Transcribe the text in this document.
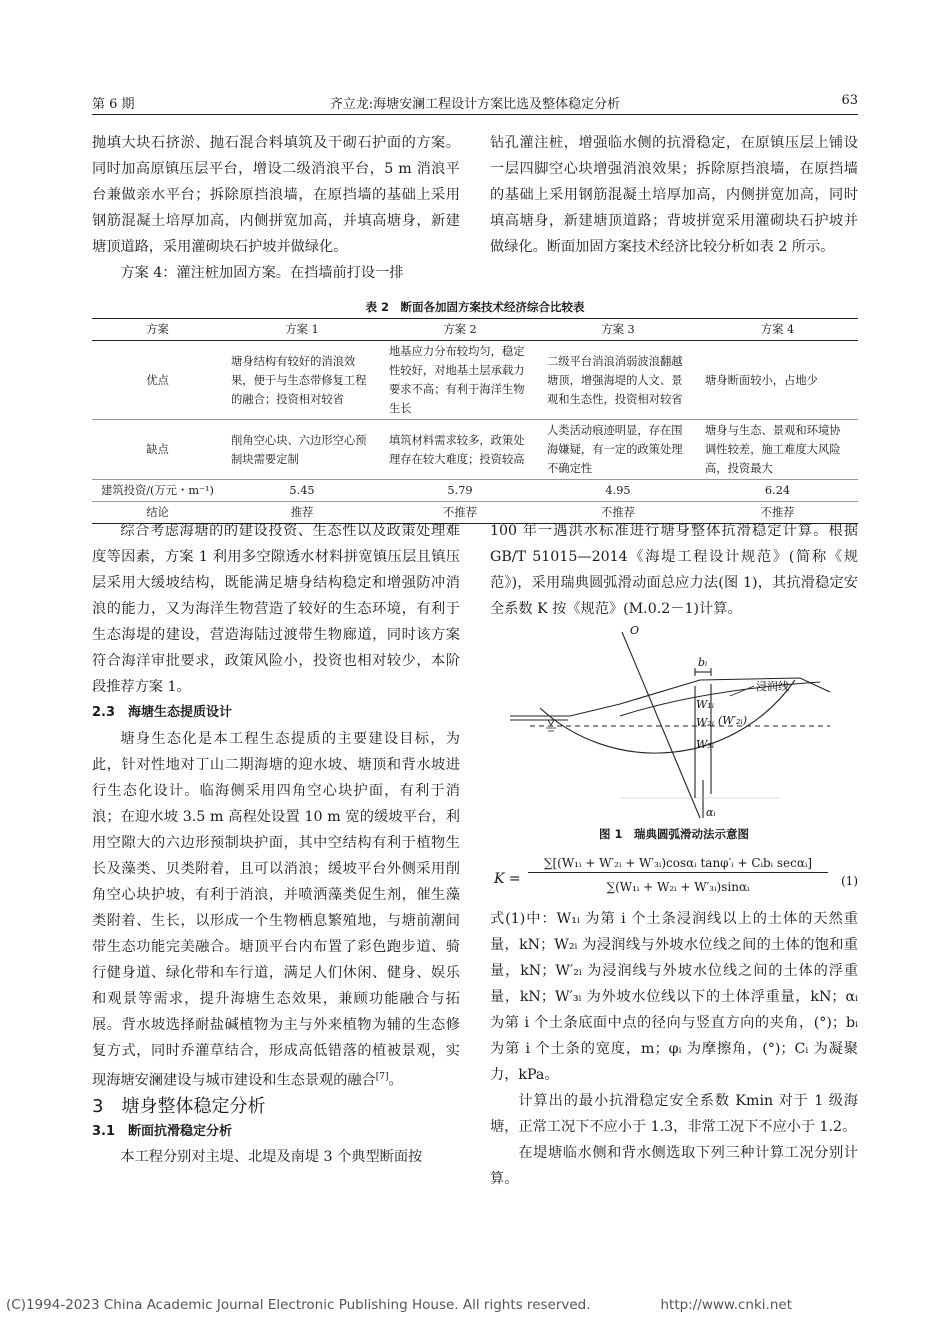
第 6 期	齐立龙:海塘安澜工程设计方案比选及整体稳定分析	63

抛填大块石挤淤、抛石混合料填筑及干砌石护面的方案。同时加高原镇压层平台，增设二级消浪平台，5 m 消浪平台兼做亲水平台；拆除原挡浪墙，在原挡墙的基础上采用钢筋混凝土培厚加高，内侧拼宽加高，并填高塘身，新建塘顶道路，采用灌砌块石护坡并做绿化。

方案 4：灌注桩加固方案。在挡墙前打设一排

钻孔灌注桩，增强临水侧的抗滑稳定，在原镇压层上铺设一层四脚空心块增强消浪效果；拆除原挡浪墙，在原挡墙的基础上采用钢筋混凝土培厚加高，内侧拼宽加高，同时填高塘身，新建塘顶道路；背坡拼宽采用灌砌块石护坡并做绿化。断面加固方案技术经济比较分析如表 2 所示。

表 2　断面各加固方案技术经济综合比较表
方案	方案 1	方案 2	方案 3	方案 4
优点	塘身结构有较好的消浪效果，便于与生态带修复工程的融合；投资相对较省	地基应力分布较均匀，稳定性较好，对地基土层承载力要求不高；有利于海洋生物生长	二级平台消浪消弱波浪翻越塘顶，增强海堤的人文、景观和生态性，投资相对较省	塘身断面较小，占地少
缺点	削角空心块、六边形空心预制块需要定制	填筑材料需求较多，政策处理存在较大难度；投资较高	人类活动痕迹明显，存在围海嫌疑，有一定的政策处理不确定性	塘身与生态、景观和环境协调性较差，施工难度大风险高，投资最大
建筑投资/(万元・m⁻¹)	5.45	5.79	4.95	6.24
结论	推荐	不推荐	不推荐	不推荐

综合考虑海塘的的建设投资、生态性以及政策处理难度等因素，方案 1 利用多空隙透水材料拼宽镇压层且镇压层采用大缓坡结构，既能满足塘身结构稳定和增强防冲消浪的能力，又为海洋生物营造了较好的生态环境，有利于生态海堤的建设，营造海陆过渡带生物廊道，同时该方案符合海洋审批要求，政策风险小，投资也相对较少，本阶段推荐方案 1。

2.3　海塘生态提质设计

塘身生态化是本工程生态提质的主要建设目标，为此，针对性地对丁山二期海塘的迎水坡、塘顶和背水坡进行生态化设计。临海侧采用四角空心块护面，有利于消浪；在迎水坡 3.5 m 高程处设置 10 m 宽的缓坡平台，利用空隙大的六边形预制块护面，其中空结构有利于植物生长及藻类、贝类附着，且可以消浪；缓坡平台外侧采用削角空心块护坡，有利于消浪，并喷洒藻类促生剂，催生藻类附着、生长，以形成一个生物栖息繁殖地，与塘前潮间带生态功能完美融合。塘顶平台内布置了彩色跑步道、骑行健身道、绿化带和车行道，满足人们休闲、健身、娱乐和观景等需求，提升海塘生态效果，兼顾功能融合与拓展。背水坡选择耐盐碱植物为主与外来植物为辅的生态修复方式，同时乔灌草结合，形成高低错落的植被景观，实现海塘安澜建设与城市建设和生态景观的融合[7]。

3　塘身整体稳定分析

3.1　断面抗滑稳定分析

本工程分别对主堤、北堤及南堤 3 个典型断面按

100 年一遇洪水标准进行塘身整体抗滑稳定计算。根据 GB/T 51015—2014《海堤工程设计规范》(简称《规范》)，采用瑞典圆弧滑动面总应力法(图 1)，其抗滑稳定安全系数 K 按《规范》(M.0.2－1)计算。

O
bᵢ
浸润线
W₁ᵢ
W₂ᵢ (W′₂ᵢ)
W₃ᵢ
αᵢ
图 1　瑞典圆弧滑动法示意图
K =
∑[(W₁ᵢ + W′₂ᵢ + W′₃ᵢ)cosαᵢ tanφ′ᵢ + Cᵢbᵢ secαᵢ]
∑(W₁ᵢ + W₂ᵢ + W′₃ᵢ)sinαᵢ	(1)

式(1)中：W₁ᵢ 为第 i 个土条浸润线以上的土体的天然重量，kN；W₂ᵢ 为浸润线与外坡水位线之间的土体的饱和重量，kN；W′₂ᵢ 为浸润线与外坡水位线之间的土体的浮重量，kN；W′₃ᵢ 为外坡水位线以下的土体浮重量，kN；αᵢ 为第 i 个土条底面中点的径向与竖直方向的夹角，(°)；bᵢ 为第 i 个土条的宽度，m；φᵢ 为摩擦角，(°)；Cᵢ 为凝聚力，kPa。

计算出的最小抗滑稳定安全系数 Kmin 对于 1 级海塘，正常工况下不应小于 1.3，非常工况下不应小于 1.2。

在堤塘临水侧和背水侧选取下列三种计算工况分别计算。

(C)1994-2023 China Academic Journal Electronic Publishing House. All rights reserved.	http://www.cnki.net
